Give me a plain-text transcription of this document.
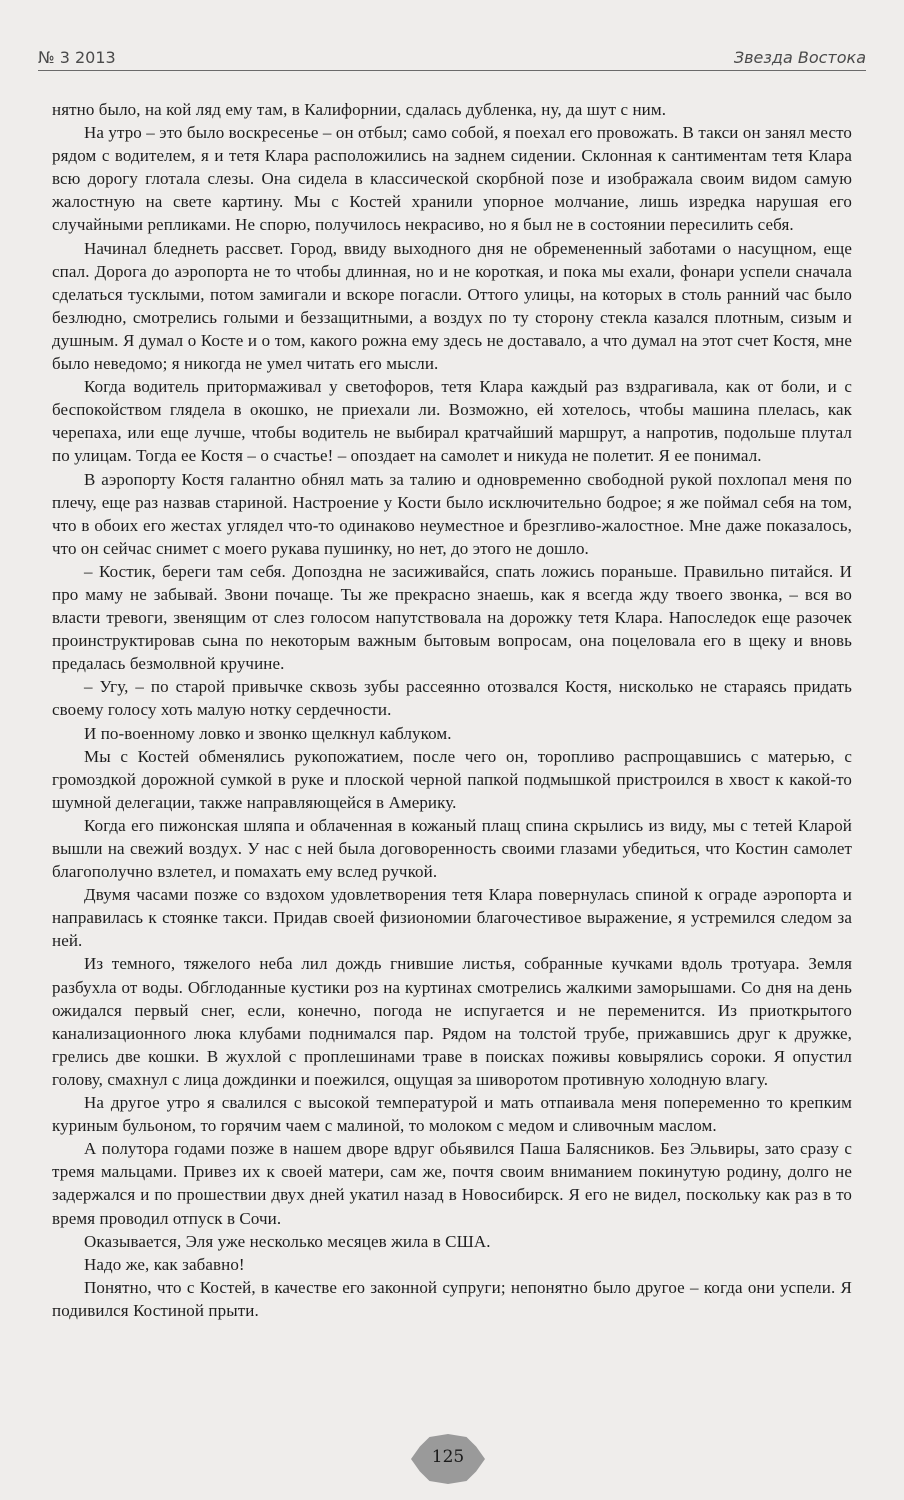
№ 3 2013	Звезда Востока

нятно было, на кой ляд ему там, в Калифорнии, сдалась дубленка, ну, да шут с ним.

На утро – это было воскресенье – он отбыл; само собой, я поехал его провожать. В такси он занял место рядом с водителем, я и тетя Клара расположились на заднем сидении. Склонная к сантиментам тетя Клара всю дорогу глотала слезы. Она сидела в классической скорбной позе и изображала своим видом самую жалостную на свете картину. Мы с Костей хранили упорное молчание, лишь изредка нарушая его случайными репликами. Не спорю, получилось некрасиво, но я был не в состоянии пересилить себя.

Начинал бледнеть рассвет. Город, ввиду выходного дня не обремененный заботами о насущном, еще спал. Дорога до аэропорта не то чтобы длинная, но и не короткая, и пока мы ехали, фонари успели сначала сделаться тусклыми, потом замигали и вскоре погасли. Оттого улицы, на которых в столь ранний час было безлюдно, смотрелись голыми и беззащитными, а воздух по ту сторону стекла казался плотным, сизым и душным. Я думал о Косте и о том, какого рожна ему здесь не доставало, а что думал на этот счет Костя, мне было неведомо; я никогда не умел читать его мысли.

Когда водитель притормаживал у светофоров, тетя Клара каждый раз вздрагивала, как от боли, и с беспокойством глядела в окошко, не приехали ли. Возможно, ей хотелось, чтобы машина плелась, как черепаха, или еще лучше, чтобы водитель не выбирал кратчайший маршрут, а напротив, подольше плутал по улицам. Тогда ее Костя – о счастье! – опоздает на самолет и никуда не полетит. Я ее понимал.

В аэропорту Костя галантно обнял мать за талию и одновременно свободной рукой похлопал меня по плечу, еще раз назвав стариной. Настроение у Кости было исключительно бодрое; я же поймал себя на том, что в обоих его жестах углядел что-то одинаково неуместное и брезгливо-жалостное. Мне даже показалось, что он сейчас снимет с моего рукава пушинку, но нет, до этого не дошло.

– Костик, береги там себя. Допоздна не засиживайся, спать ложись пораньше. Правильно питайся. И про маму не забывай. Звони почаще. Ты же прекрасно знаешь, как я всегда жду твоего звонка, – вся во власти тревоги, звенящим от слез голосом напутствовала на дорожку тетя Клара. Напоследок еще разочек проинструктировав сына по некоторым важным бытовым вопросам, она поцеловала его в щеку и вновь предалась безмолвной кручине.

– Угу, – по старой привычке сквозь зубы рассеянно отозвался Костя, нисколько не стараясь придать своему голосу хоть малую нотку сердечности.

И по-военному ловко и звонко щелкнул каблуком.

Мы с Костей обменялись рукопожатием, после чего он, торопливо распрощавшись с матерью, с громоздкой дорожной сумкой в руке и плоской черной папкой подмышкой пристроился в хвост к какой-то шумной делегации, также направляющейся в Америку.

Когда его пижонская шляпа и облаченная в кожаный плащ спина скрылись из виду, мы с тетей Кларой вышли на свежий воздух. У нас с ней была договоренность своими глазами убедиться, что Костин самолет благополучно взлетел, и помахать ему вслед ручкой.

Двумя часами позже со вздохом удовлетворения тетя Клара повернулась спиной к ограде аэропорта и направилась к стоянке такси. Придав своей физиономии благочестивое выражение, я устремился следом за ней.

Из темного, тяжелого неба лил дождь гнившие листья, собранные кучками вдоль тротуара. Земля разбухла от воды. Обглоданные кустики роз на куртинах смотрелись жалкими заморышами. Со дня на день ожидался первый снег, если, конечно, погода не испугается и не переменится. Из приоткрытого канализационного люка клубами поднимался пар. Рядом на толстой трубе, прижавшись друг к дружке, грелись две кошки. В жухлой с проплешинами траве в поисках поживы ковырялись сороки. Я опустил голову, смахнул с лица дождинки и поежился, ощущая за шиворотом противную холодную влагу.

На другое утро я свалился с высокой температурой и мать отпаивала меня попеременно то крепким куриным бульоном, то горячим чаем с малиной, то молоком с медом и сливочным маслом.

А полутора годами позже в нашем дворе вдруг обьявился Паша Балясников. Без Эльвиры, зато сразу с тремя мальцами. Привез их к своей матери, сам же, почтя своим вниманием покинутую родину, долго не задержался и по прошествии двух дней укатил назад в Новосибирск. Я его не видел, поскольку как раз в то время проводил отпуск в Сочи.

Оказывается, Эля уже несколько месяцев жила в США.

Надо же, как забавно!

Понятно, что с Костей, в качестве его законной супруги; непонятно было другое – когда они успели. Я подивился Костиной прыти.

125
